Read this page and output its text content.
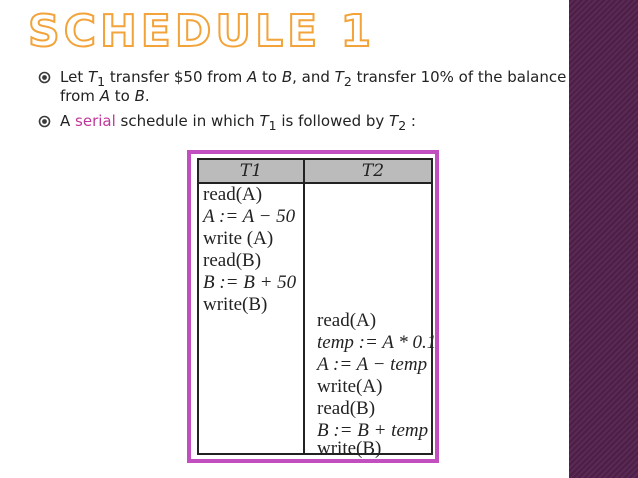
SCHEDULE 1
Let $T_1$ transfer $50 from A to B, and $T_2$ transfer 10% of the balance from A to B.
A serial schedule in which $T_1$ is followed by $T_2$ :
T1	T2
read(A)
A := A − 50
write (A)
read(B)
B := B + 50
write(B)
read(A)
temp := A * 0.1
A := A − temp
write(A)
read(B)
B := B + temp
write(B)
